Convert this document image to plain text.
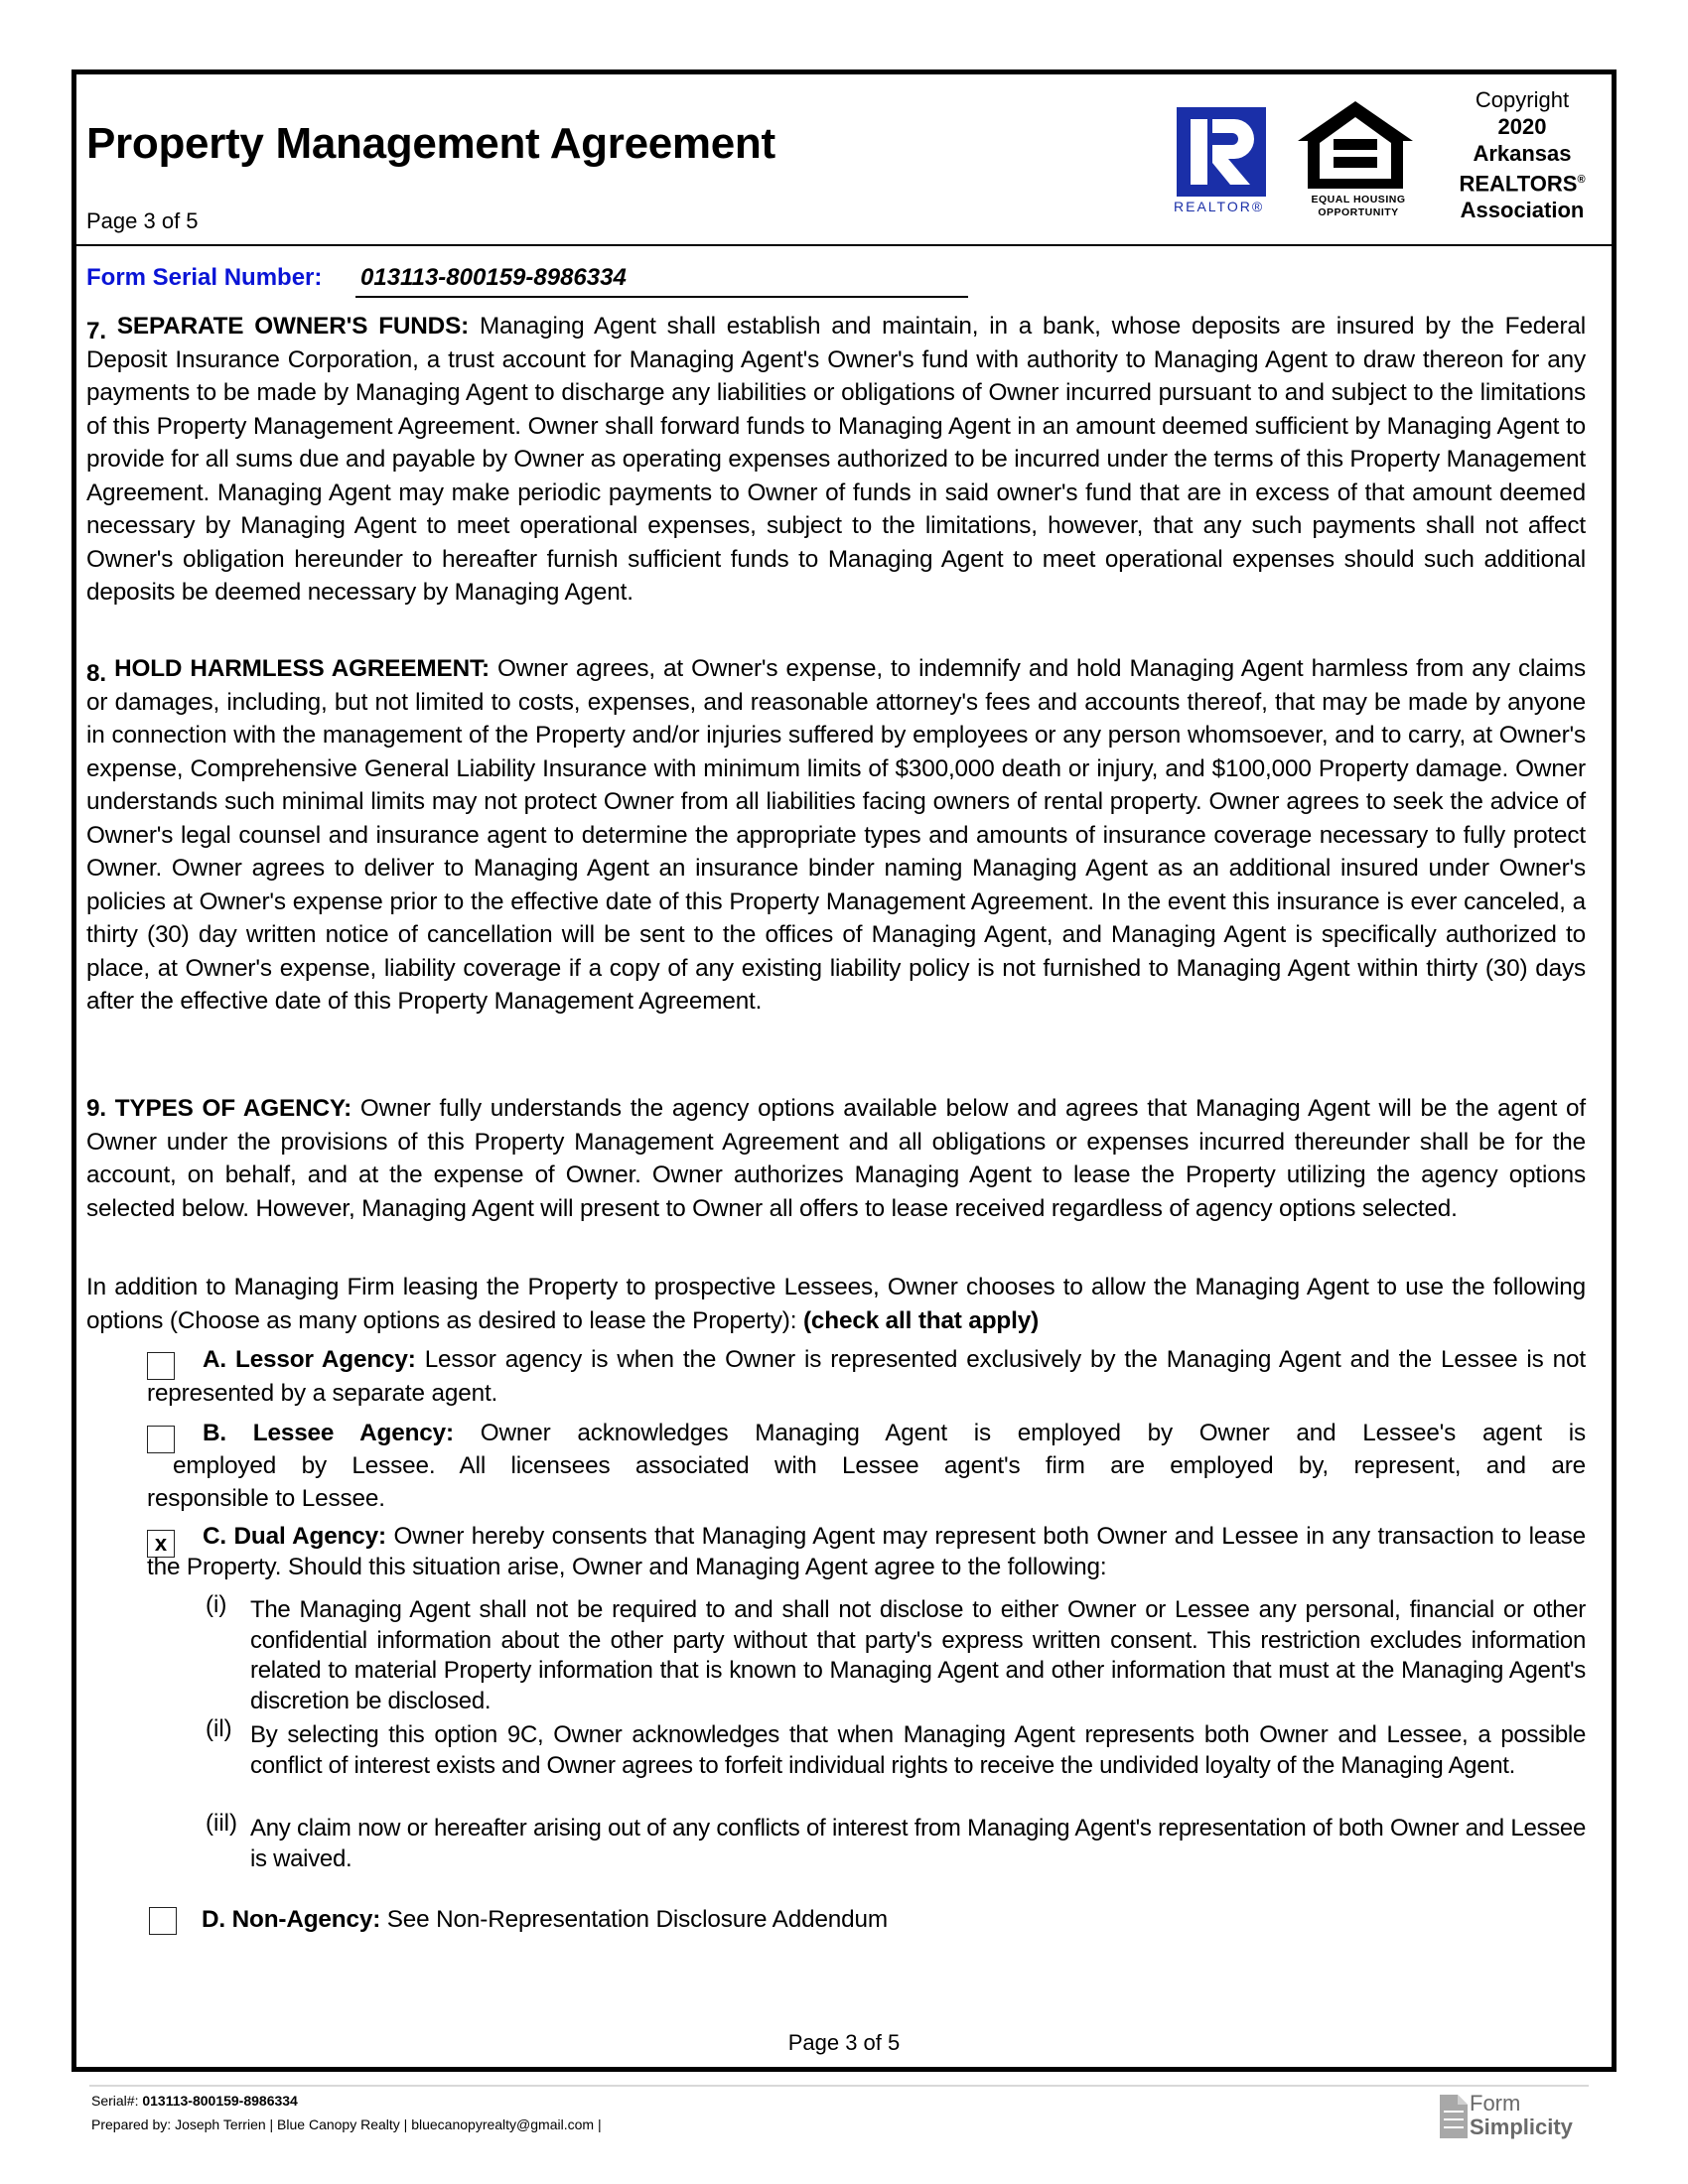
Property Management Agreement
Page 3 of 5
REALTOR®	EQUAL HOUSING
OPPORTUNITY
Copyright
2020
Arkansas
REALTORS®
Association
Form Serial Number: 013113-800159-8986334
7. SEPARATE OWNER'S FUNDS: Managing Agent shall establish and maintain, in a bank, whose deposits are insured by the Federal Deposit Insurance Corporation, a trust account for Managing Agent's Owner's fund with authority to Managing Agent to draw thereon for any payments to be made by Managing Agent to discharge any liabilities or obligations of Owner incurred pursuant to and subject to the limitations of this Property Management Agreement. Owner shall forward funds to Managing Agent in an amount deemed sufficient by Managing Agent to provide for all sums due and payable by Owner as operating expenses authorized to be incurred under the terms of this Property Management Agreement. Managing Agent may make periodic payments to Owner of funds in said owner's fund that are in excess of that amount deemed necessary by Managing Agent to meet operational expenses, subject to the limitations, however, that any such payments shall not affect Owner's obligation hereunder to hereafter furnish sufficient funds to Managing Agent to meet operational expenses should such additional deposits be deemed necessary by Managing Agent.
8. HOLD HARMLESS AGREEMENT: Owner agrees, at Owner's expense, to indemnify and hold Managing Agent harmless from any claims or damages, including, but not limited to costs, expenses, and reasonable attorney's fees and accounts thereof, that may be made by anyone in connection with the management of the Property and/or injuries suffered by employees or any person whomsoever, and to carry, at Owner's expense, Comprehensive General Liability Insurance with minimum limits of $300,000 death or injury, and $100,000 Property damage. Owner understands such minimal limits may not protect Owner from all liabilities facing owners of rental property. Owner agrees to seek the advice of Owner's legal counsel and insurance agent to determine the appropriate types and amounts of insurance coverage necessary to fully protect Owner. Owner agrees to deliver to Managing Agent an insurance binder naming Managing Agent as an additional insured under Owner's policies at Owner's expense prior to the effective date of this Property Management Agreement. In the event this insurance is ever canceled, a thirty (30) day written notice of cancellation will be sent to the offices of Managing Agent, and Managing Agent is specifically authorized to place, at Owner's expense, liability coverage if a copy of any existing liability policy is not furnished to Managing Agent within thirty (30) days after the effective date of this Property Management Agreement.
9. TYPES OF AGENCY: Owner fully understands the agency options available below and agrees that Managing Agent will be the agent of Owner under the provisions of this Property Management Agreement and all obligations or expenses incurred thereunder shall be for the account, on behalf, and at the expense of Owner. Owner authorizes Managing Agent to lease the Property utilizing the agency options selected below. However, Managing Agent will present to Owner all offers to lease received regardless of agency options selected.
In addition to Managing Firm leasing the Property to prospective Lessees, Owner chooses to allow the Managing Agent to use the following options (Choose as many options as desired to lease the Property): (check all that apply)
A. Lessor Agency: Lessor agency is when the Owner is represented exclusively by the Managing Agent and the Lessee is not represented by a separate agent.
B. Lessee Agency: Owner acknowledges Managing Agent is employed by Owner and Lessee's agent is
employed by Lessee. All licensees associated with Lessee agent's firm are employed by, represent, and are
responsible to Lessee.
x	C. Dual Agency: Owner hereby consents that Managing Agent may represent both Owner and Lessee in any transaction to lease the Property. Should this situation arise, Owner and Managing Agent agree to the following:
(i) The Managing Agent shall not be required to and shall not disclose to either Owner or Lessee any personal, financial or other confidential information about the other party without that party's express written consent. This restriction excludes information related to material Property information that is known to Managing Agent and other information that must at the Managing Agent's discretion be disclosed.
(il) By selecting this option 9C, Owner acknowledges that when Managing Agent represents both Owner and Lessee, a possible conflict of interest exists and Owner agrees to forfeit individual rights to receive the undivided loyalty of the Managing Agent.
(iil) Any claim now or hereafter arising out of any conflicts of interest from Managing Agent's representation of both Owner and Lessee is waived.
D. Non-Agency: See Non-Representation Disclosure Addendum
Page 3 of 5
Serial#: 013113-800159-8986334
Prepared by: Joseph Terrien | Blue Canopy Realty | bluecanopyrealty@gmail.com |
Form
Simplicity
